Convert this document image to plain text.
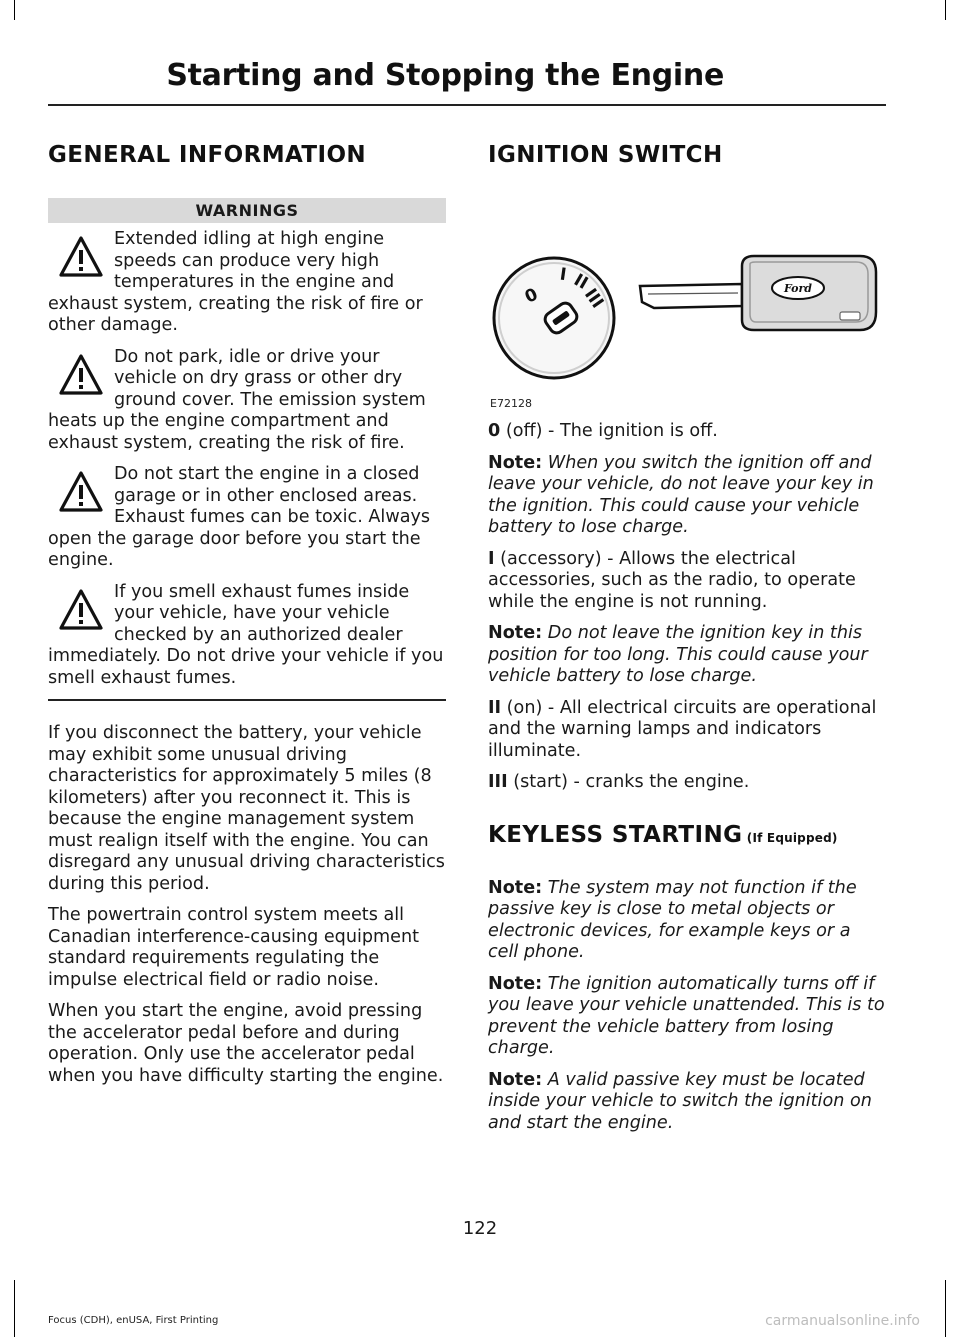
Starting and Stopping the Engine
GENERAL INFORMATION
WARNINGS
Extended idling at high engine speeds can produce very high temperatures in the engine and exhaust system, creating the risk of fire or other damage.
Do not park, idle or drive your vehicle on dry grass or other dry ground cover. The emission system heats up the engine compartment and exhaust system, creating the risk of fire.
Do not start the engine in a closed garage or in other enclosed areas. Exhaust fumes can be toxic. Always open the garage door before you start the engine.
If you smell exhaust fumes inside your vehicle, have your vehicle checked by an authorized dealer immediately. Do not drive your vehicle if you smell exhaust fumes.

If you disconnect the battery, your vehicle may exhibit some unusual driving characteristics for approximately 5 miles (8 kilometers) after you reconnect it. This is because the engine management system must realign itself with the engine. You can disregard any unusual driving characteristics during this period.

The powertrain control system meets all Canadian interference-causing equipment standard requirements regulating the impulse electrical field or radio noise.

When you start the engine, avoid pressing the accelerator pedal before and during operation. Only use the accelerator pedal when you have difficulty starting the engine.

IGNITION SWITCH
0
I II
III	Ford
E72128

0 (off) - The ignition is off.

Note: When you switch the ignition off and leave your vehicle, do not leave your key in the ignition. This could cause your vehicle battery to lose charge.

I (accessory) - Allows the electrical accessories, such as the radio, to operate while the engine is not running.

Note: Do not leave the ignition key in this position for too long. This could cause your vehicle battery to lose charge.

II (on) - All electrical circuits are operational and the warning lamps and indicators illuminate.

III (start) - cranks the engine.

KEYLESS STARTING (If Equipped)

Note: The system may not function if the passive key is close to metal objects or electronic devices, for example keys or a cell phone.

Note: The ignition automatically turns off if you leave your vehicle unattended. This is to prevent the vehicle battery from losing charge.

Note: A valid passive key must be located inside your vehicle to switch the ignition on and start the engine.

122
Focus (CDH), enUSA, First Printing	carmanualsonline.info
